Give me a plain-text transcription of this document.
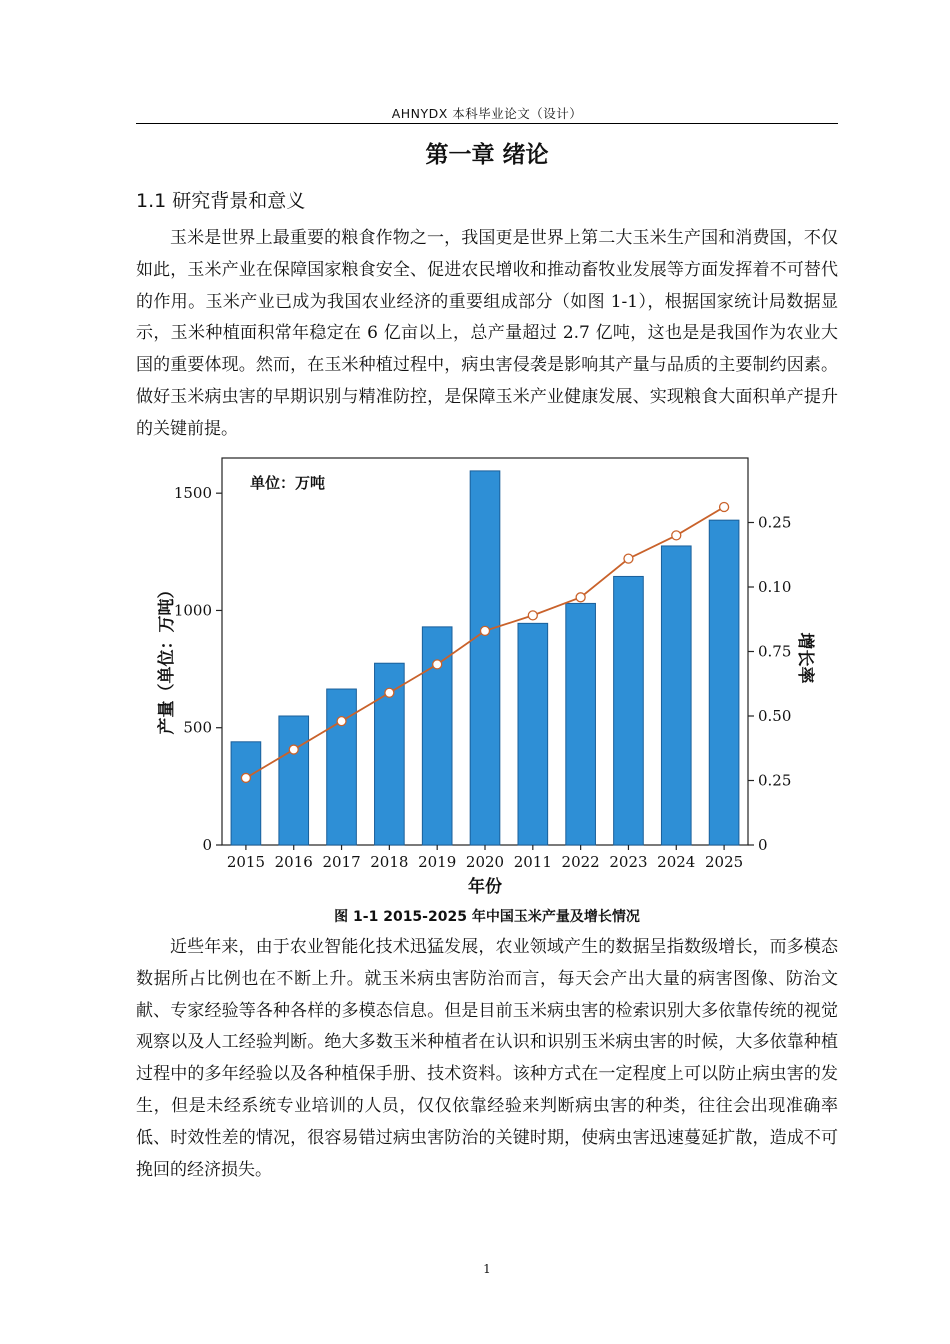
AHNYDX 本科毕业论文（设计）
第一章 绪论
1.1 研究背景和意义

玉米是世界上最重要的粮食作物之一，我国更是世界上第二大玉米生产国和消费国，不仅如此，玉米产业在保障国家粮食安全、促进农民增收和推动畜牧业发展等方面发挥着不可替代的作用。玉米产业已成为我国农业经济的重要组成部分（如图 1-1），根据国家统计局数据显示，玉米种植面积常年稳定在 6 亿亩以上，总产量超过 2.7 亿吨，这也是是我国作为农业大国的重要体现。然而，在玉米种植过程中，病虫害侵袭是影响其产量与品质的主要制约因素。做好玉米病虫害的早期识别与精准防控，是保障玉米产业健康发展、实现粮食大面积单产提升的关键前提。

0
500
1000
1500
0
0.25
0.50
0.75
0.10
0.25
2015 2016 2017 2018 2019 2020 2011 2022 2023 2024 2025
单位：万吨
年份
产量（单位：万吨）	增长率
图 1-1 2015-2025 年中国玉米产量及增长情况

近些年来，由于农业智能化技术迅猛发展，农业领域产生的数据呈指数级增长，而多模态数据所占比例也在不断上升。就玉米病虫害防治而言，每天会产出大量的病害图像、防治文献、专家经验等各种各样的多模态信息。但是目前玉米病虫害的检索识别大多依靠传统的视觉观察以及人工经验判断。绝大多数玉米种植者在认识和识别玉米病虫害的时候，大多依靠种植过程中的多年经验以及各种植保手册、技术资料。该种方式在一定程度上可以防止病虫害的发生，但是未经系统专业培训的人员，仅仅依靠经验来判断病虫害的种类，往往会出现准确率低、时效性差的情况，很容易错过病虫害防治的关键时期，使病虫害迅速蔓延扩散，造成不可挽回的经济损失。

1
